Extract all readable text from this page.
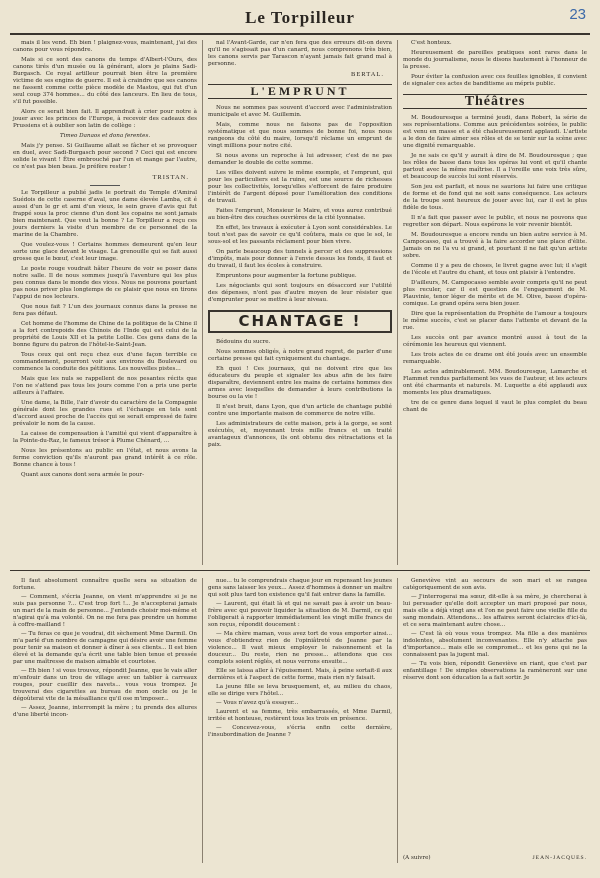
Le Torpilleur	23

mais il les vend. Eh bien ! plaignez-vous, maintenant, j'ai des canons pour vous répondre.

Mais si ce sont des canons du temps d'Albert-l'Ours, des canons tirés d'un musée ou là générant, alors je plains Sadi-Burgasch. Ce royal artilleur pourrait bien être la première victime de ses engins de guerre. Il est à craindre que ses canons ne fassent comme cette pièce modèle de Mastou, qui fut d'un seul coup 374 hommes... du côté des lanceurs. En lieu de tous, s'il fut possible.

Alors ce serait bien fait. Il apprendrait à crier pour notre à jouer avec les princes de l'Europe, à recevoir des cadeaux des Prussiens et à oublier son latin de collège :

Timeo Danaos et dona ferentes.

Mais j'y pense. Si Guillaume allait se fâcher et se provoquer en duel, avec Sadi-Burgasch pour second ? Ceci qui est encore solide le vivant ! Être embrouché par l'un et mange par l'autre, ce n'est pas bien beau. Je préfère rester !

TRISTAN.

Le Torpilleur a publié jadis le portrait du Temple d'Amiral Suédois de cette caserne d'aval, une dame élevée Lamba, cit é aussi d'un le gr et ami d'un vieux, le sein grave d'avis qui fut frappé sous la proc cienne d'un dont les copains ne sont jamais bien maintenant. Que veut la bonne ? Le Torpilleur a reçu ces jours derniers la visite d'un membre de ce personnel de la marine de la Chambre.

Que voulez-vous ! Certains hommes demeurent qu'en leur sorte une glace devant le visage. La grenouille qui se fait aussi grosse que le bœuf, c'est leur image.

Le poste rouge voudrait hâter l'heure de voir se poser dans notre salle. Il de nous sommes jusqu'à l'aventure qui les plus peu connus dans le monde des vices. Nous ne pouvons pourtant pas nous priver plus longtemps de ce plaisir que nous en tirons l'appui de nos lecteurs.

Que nous fait ? L'un des journaux connus dans la presse ne fera pas défaut.

Cet homme de l'homme de Chine de la politique de la Chine il a la fort contrepoids des Chinois de l'Inde qui est celui de la propriété de Louis XII et la petite Lollie. Ces gens dans de la bonne figure du patron de l'hôtel-le-Saint-Jean.

Tous ceux qui ont reçu chez eux d'une façon terrible ce commandement, pourront voir aux environs du Boulevard ou commence la conduite des pétitions. Les nouvelles pistes...

Mais que les nuls se rappellent de nos pesantes récits que l'on ne s'attend pas tous les jours comme l'on a pris une perte ailleurs à l'affaire.

Une dame, la Bille, l'air d'avoir du caractère de la Compagnie générale dont les grandes rues et l'échange en tels sont d'accord aussi proche de l'accès qui se serait empressé de faire prévaloir le nom de la cause.

La caisse de compensation à l'amitié qui vient d'apparaître à la Pointe-du-Raz, le fameux trésor à Plume Chénard, ...

Nous les présentons au public en l'état, et nous avons la ferme conviction qu'ils n'auront pas grand intérêt à ce rôle. Bonne chance à tous !

Quant aux canons dont sera armée le pour-

nal l'Avant-Garde, car n'en fera que des erreurs dit-on devra qu'il ne s'agissait pas d'un canard, nous comprenons très bien, les canons servis par Tarascon n'ayant jamais fait grand mal à personne.

BERTAL.
L'EMPRUNT

Nous ne sommes pas souvent d'accord avec l'administration municipale et avec M. Guillemin.

Mais, comme nous ne faisons pas de l'opposition systématique et que nous sommes de bonne foi, nous nous rangeons du côté du maire, lorsqu'il réclame un emprunt de vingt millions pour notre cité.

Si nous avons un reproche à lui adresser, c'est de ne pas demander le double de cette somme.

Les villes doivent suivre le même exemple, et l'emprunt, qui pour les particuliers est la ruine, est une source de richesses pour les collectivités, lorsqu'elles s'efforcent de faire produire l'intérêt de l'argent déposé pour l'amélioration des conditions de travail.

Faites l'emprunt, Monsieur le Maire, et vous aurez contribué au bien-être des couches ouvrières de la cité lyonnaise.

En effet, les travaux à exécuter à Lyon sont considérables. Le tout n'est pas de savoir ce qu'il coûtera, mais ce que le sol, le sous-sol et les passants réclament pour bien vivre.

On parle beaucoup des tunnels à percer et des suppressions d'impôts, mais pour donner à l'envie dessus les fonds, il faut et du travail, il faut les écoles à construire.

Empruntons pour augmenter la fortune publique.

Les négociants qui sont toujours en désaccord sur l'utilité des dépenses, n'ont pas d'autre moyen de leur résister que d'emprunter pour se mettre à leur niveau.

CHANTAGE !

Bédouins du sucre.

Nous sommes obligés, à notre grand regret, de parler d'une certaine presse qui fait cyniquement du chantage.

Eh quoi ! Ces journaux, qui ne doivent rire que les éducateurs du peuple et signaler les abus afin de les faire disparaître, deviennent entre les mains de certains hommes des armes avec lesquelles de demander à leurs contributions la bourse ou la vie !

Il n'est bruit, dans Lyon, que d'un article de chantage publié contre une importante maison de commerce de notre ville.

Les administrateurs de cette maison, pris à la gorge, se sont exécutés, et, moyennant trois mille francs et un traité avantageux d'annonces, ils ont obtenu des rétractations et la paix.

C'est honteux.

Heureusement de pareilles pratiques sont rares dans le monde du journalisme, nous le disons hautement à l'honneur de la presse.

Pour éviter la confusion avec ces feuilles ignobles, il convient de signaler ces actes de banditisme au mépris public.

Théâtres

M. Boudouresque a terminé jeudi, dans Robert, la série de ses représentations. Comme aux précédentes soirées, le public est venu en masse et a été chaleureusement applaudi. L'artiste a le don de faire aimer ses rôles et de se tenir sur la scène avec une dignité remarquable.

Je ne sais ce qu'il y aurait à dire de M. Boudouresque ; que les rôles de basse dans tous les opéras lui vont et qu'il chante partout avec la même maîtrise. Il a l'oreille une voix très sûre, et beaucoup de succès lui sont réservés.

Son jeu est parfait, et nous ne saurions lui faire une critique de forme et de fond qui ne soit sans conséquence. Les acteurs de la troupe sont heureux de jouer avec lui, car il est le plus fidèle de tous.

Il n'a fait que passer avec le public, et nous ne pouvons que regretter son départ. Nous espérons le voir revenir bientôt.

M. Boudouresque a encore rendu un bien autre service à M. Campocasso, qui a trouvé à la faire accorder une place d'élite. Jamais on ne l'a vu si grand, et pourtant il ne fait qu'un artiste sobre.

Comme il y a peu de choses, le livret gagne avec lui; il s'agit de l'école et l'autre du chant, et tous ont plaisir à l'entendre.

D'ailleurs, M. Campocasso semble avoir compris qu'il ne peut plus reculer, car il est question de l'engagement de M. Plauvinie, tenor léger de mérite et de M. Olive, basse d'opéra-comique. Le grand opéra sera bien jouer.

Dire que la représentation du Prophète de l'amour a toujours le même succès, c'est se placer dans l'attente et devant de la rue.

Les succès ont par avance montré aussi à tout de la cérémonie les heureux qui viennent.

Les trois actes de ce drame ont été joués avec un ensemble remarquable.

Les actes admirablement. MM. Boudouresque, Lamarche et Flammet rendus parfaitement les vues de l'auteur, et les acteurs ont été charmants et naturels. M. Luquette a été applaudi aux moments les plus dramatiques.

tre de ce genre dans lequel il vaut le plus complet du beau chant de

Il faut absolument connaître quelle sera sa situation de fortune.

— Comment, s'écria Jeanne, on vient m'apprendre si je ne suis pas personne ?... C'est trop fort !... Je n'accepterai jamais un mari de la main de personne... J'entends choisir moi-même et n'agirai qu'à ma volonté. On ne me fera pas prendre un homme à coffre-mailland !

— Tu feras ce que je voudrai, dit sèchement Mme Darmil. On m'a parlé d'un nombre de campagne qui désire avoir une femme pour tenir sa maison et donner à dîner à ses clients... Il est bien élevé et la demande qu'a écrit une table bien tenue et pressée par une maîtresse de maison aimable et courtoise.

— Eh bien ! si vous trouvez, répondit Jeanne, que le vais aller m'enfouir dans un trou de village avec un tablier à carreaux rouges, pour cueillir des navets... vous vous trompez. Je trouverai des cigarettes au bureau de mon oncle ou je le dégoûterai vite de la mésalliance qu'il ose m'imposer...

— Assez, Jeanne, interrompit la mère ; tu prends des allures d'une liberté incon-

nue... tu le comprendrais chaque jour en repensant les jeunes gens sans laisser les yeux... Assez d'hommes à donner un maître qui soit plus tard ton existence qu'il fait entrer dans la famille.

— Laurent, qui était là et qui ne savait pas à avoir un beau-frère avec qui pouvoir liquider la situation de M. Darmil, ce qui l'obligerait à rapporter immédiatement les vingt mille francs de son reçus, répondit doucement :

— Ma chère maman, vous avez tort de vous emporter ainsi... vous d'obtiendrez rien de l'opiniâtreté de Jeanne par la violence... Il vaut mieux employer le raisonnement et la douceur... Du reste, rien ne presse... attendons que ces complots soient réglés, et nous verrons ensuite...

Elle se laissa aller à l'épuisement. Mais, à peine sortait-il aux dernières et à l'aspect de cette forme, mais rien n'y faisait.

La jeune fille se leva brusquement, et, au milieu du chaos, elle se dirige vers l'hôtel...

— Vous n'avez qu'à essayer...

Laurent et sa femme, très embarrassés, et Mme Darmil, irritée et honteuse, restèrent tous les trois en présence.

— Concevez-vous, s'écria enfin cette dernière, l'insubordination de Jeanne ?

Geneviève vint au secours de son mari et se rangea catégoriquement de son avis.

— J'interrogerai ma sœur, dit-elle à sa mère, je chercherai à lui persuader qu'elle doit accepter un mari proposé par nous, mais elle a déjà vingt ans et l'on ne peut faire une vieille fille du sang mondain. Attendons... les affaires seront éclaircies d'ici-là, et ce sera maintenant autre chose...

— C'est là où vous vous trompez. Ma fille a des manières indolentes, absolument inconvenantes. Elle n'y attache pas d'importance... mais elle se compromet... et les gens qui ne la connaissent pas la jugent mal.

— Tu vois bien, répondit Geneviève en riant, que c'est par enfantillage ! De simples observations la ramèneront sur une réserve dont son éducation la a fait sortir. Je

(A suivre)	JEAN-JACQUES.
